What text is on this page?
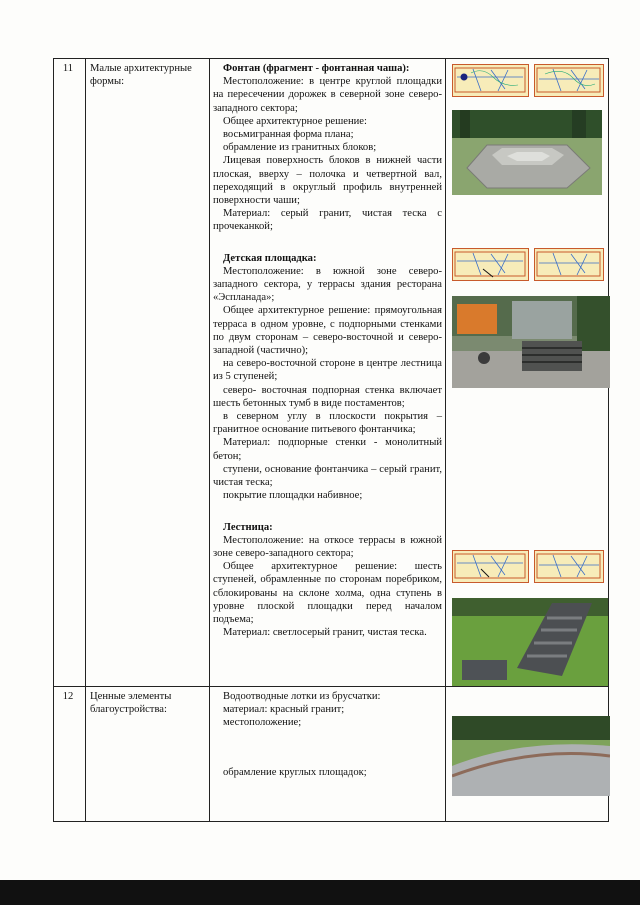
11	Малые архитектурные формы:

Фонтан (фрагмент - фонтанная чаша):

Местоположение: в центре круглой площадки на пересечении дорожек в северной зоне северо-западного сектора;

Общее архитектурное решение:

восьмигранная форма плана;

обрамление из гранитных блоков;

Лицевая поверхность блоков в нижней части плоская, вверху – полочка и четвертной вал, переходящий в округлый профиль внутренней поверхности чаши;

Материал: серый гранит, чистая теска с прочеканкой;

Детская площадка:

Местоположение: в южной зоне северо-западного сектора, у террасы здания ресторана «Эспланада»;

Общее архитектурное решение: прямоугольная терраса в одном уровне, с подпорными стенками по двум сторонам – северо-восточной и северо-западной (частично);

на северо-восточной стороне в центре лестница из 5 ступеней;

северо- восточная подпорная стенка включает шесть бетонных тумб в виде постаментов;

в северном углу в плоскости покрытия – гранитное основание питьевого фонтанчика;

Материал: подпорные стенки - монолитный бетон;

ступени, основание фонтанчика – серый гранит, чистая теска;

покрытие площадки набивное;

Лестница:

Местоположение: на откосе террасы в южной зоне северо-западного сектора;

Общее архитектурное решение: шесть ступеней, обрамленные по сторонам поребриком, сблокированы на склоне холма, одна ступень в уровне плоской площадки перед началом подъема;

Материал: светлосерый гранит, чистая теска.

12	Ценные элементы благоустройства:

Водоотводные лотки из брусчатки:

материал: красный гранит;

местоположение;

обрамление круглых площадок;
